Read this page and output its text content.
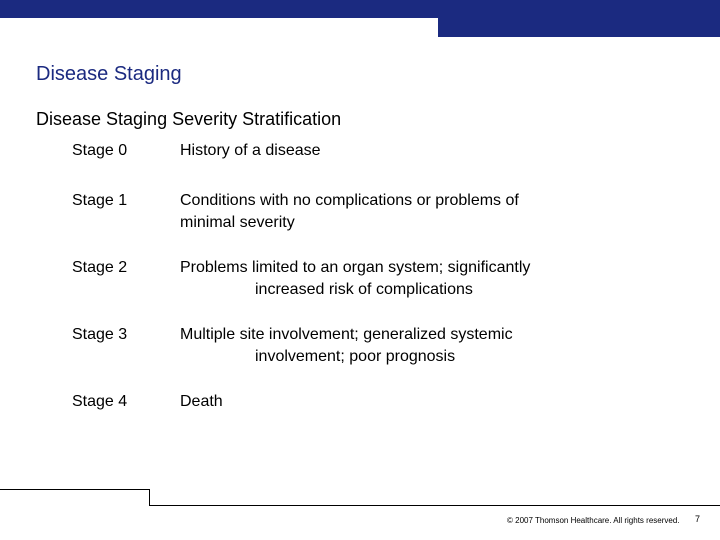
Disease Staging
Disease Staging Severity Stratification
Stage 0	History of a disease
Stage 1	Conditions with no complications or problems of
minimal severity
Stage 2	Problems limited to an organ system; significantly
increased risk of complications
Stage 3	Multiple site involvement; generalized systemic
involvement; poor prognosis
Stage 4	Death
© 2007 Thomson Healthcare. All rights reserved. 7
